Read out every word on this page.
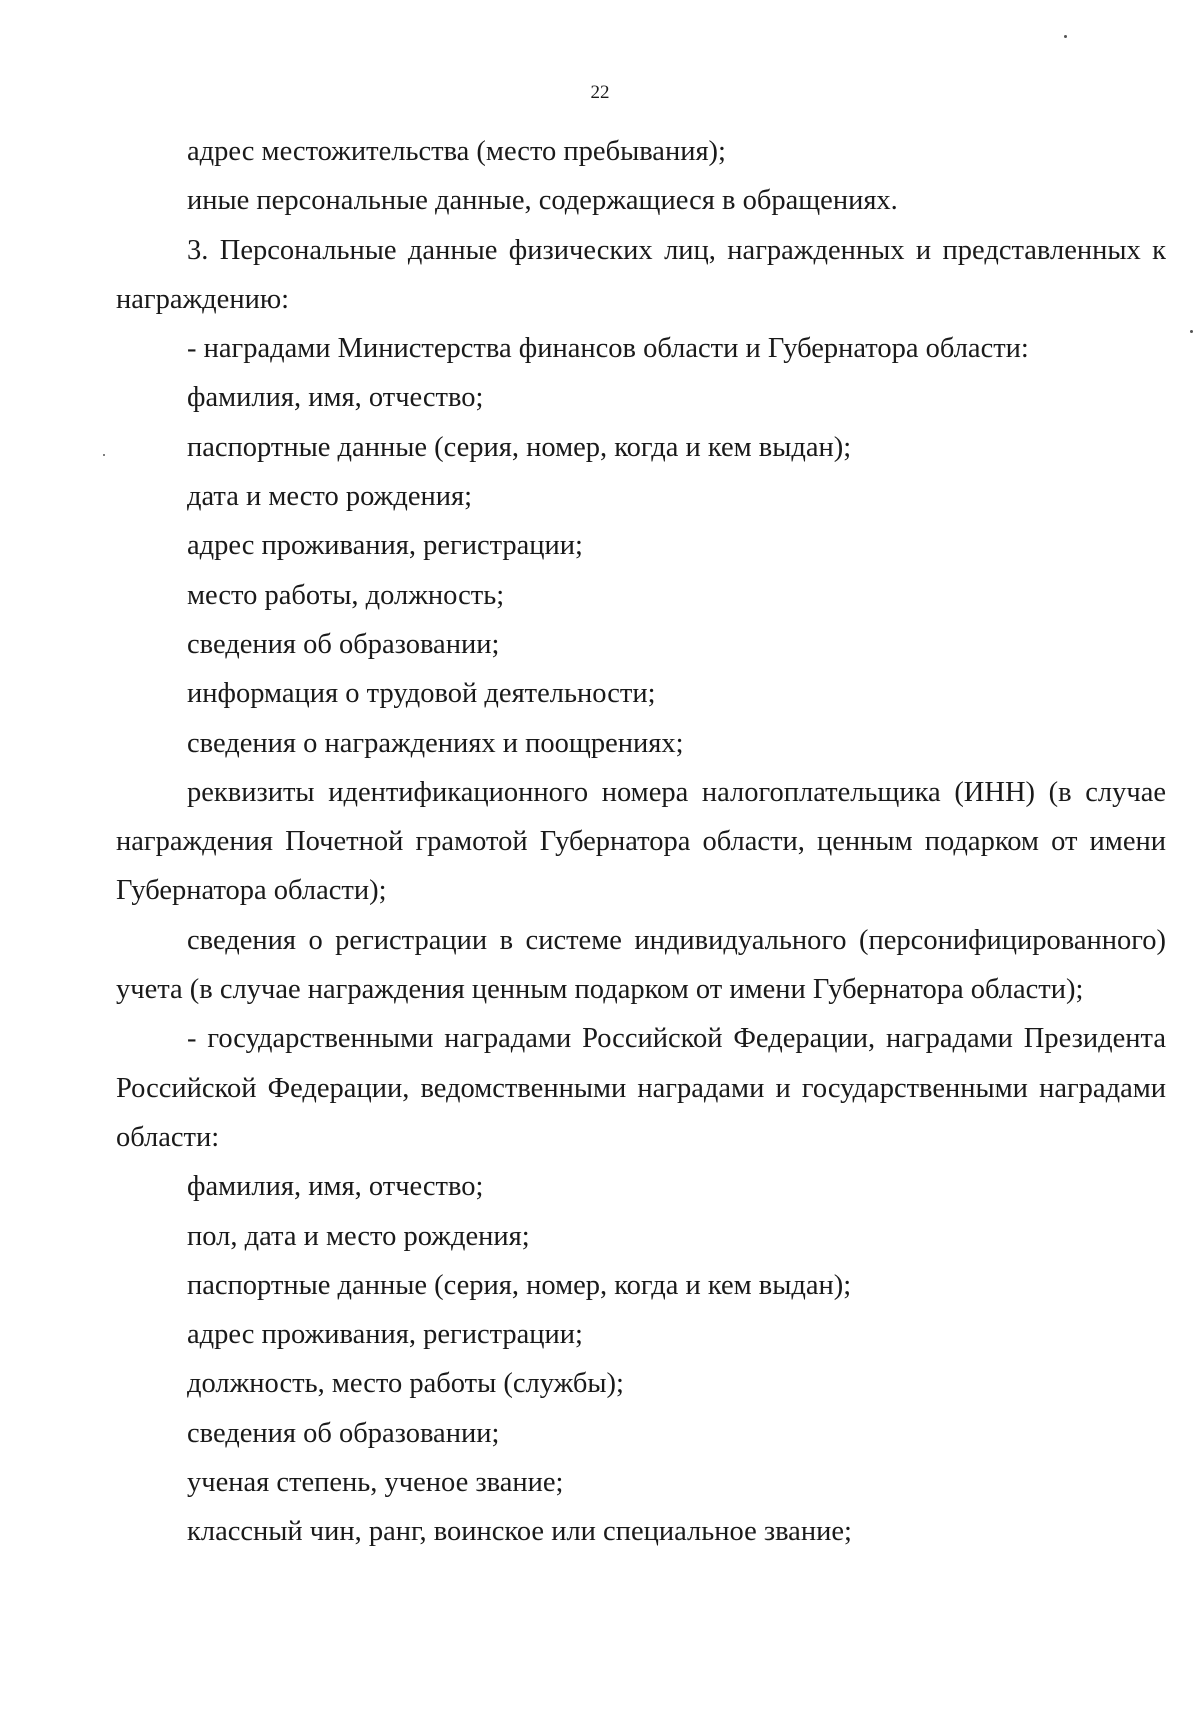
22

адрес местожительства (место пребывания);

иные персональные данные, содержащиеся в обращениях.

3. Персональные данные физических лиц, награжденных и представленных к награждению:

- наградами Министерства финансов области и Губернатора области:

фамилия, имя, отчество;

паспортные данные (серия, номер, когда и кем выдан);

дата и место рождения;

адрес проживания, регистрации;

место работы, должность;

сведения об образовании;

информация о трудовой деятельности;

сведения о награждениях и поощрениях;

реквизиты идентификационного номера налогоплательщика (ИНН) (в случае награждения Почетной грамотой Губернатора области, ценным подарком от имени Губернатора области);

сведения о регистрации в системе индивидуального (персонифицированного) учета (в случае награждения ценным подарком от имени Губернатора области);

- государственными наградами Российской Федерации, наградами Президента Российской Федерации, ведомственными наградами и государственными наградами области:

фамилия, имя, отчество;

пол, дата и место рождения;

паспортные данные (серия, номер, когда и кем выдан);

адрес проживания, регистрации;

должность, место работы (службы);

сведения об образовании;

ученая степень, ученое звание;

классный чин, ранг, воинское или специальное звание;
